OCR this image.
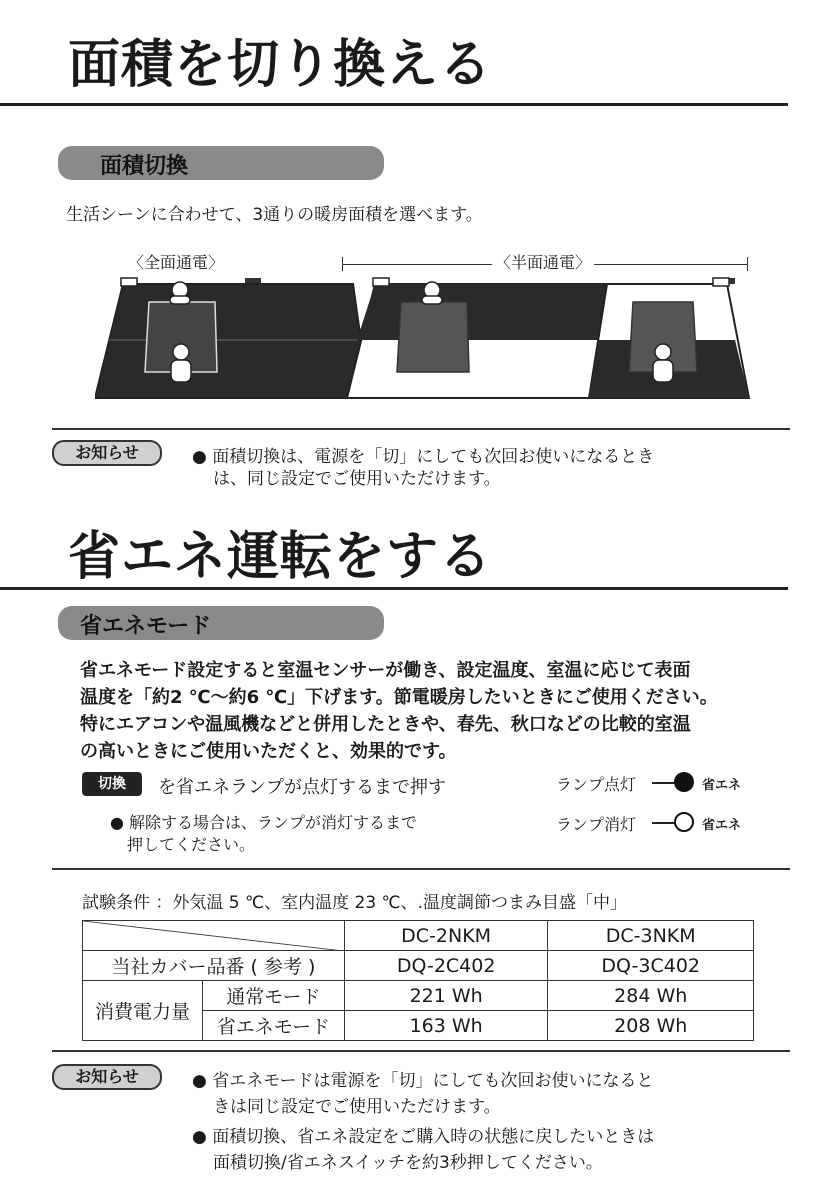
面積を切り換える
面積切換
生活シーンに合わせて、3通りの暖房面積を選べます。
〈全面通電〉	〈半面通電〉
お知らせ	● 面積切換は、電源を「切」にしても次回お使いになるとき
は、同じ設定でご使用いただけます。
省エネ運転をする
省エネモード
省エネモード設定すると室温センサーが働き、設定温度、室温に応じて表面
温度を「約2 ℃〜約6 ℃」下げます。節電暖房したいときにご使用ください。
特にエアコンや温風機などと併用したときや、春先、秋口などの比較的室温
の高いときにご使用いただくと、効果的です。
切換	を省エネランプが点灯するまで押す
● 解除する場合は、ランプが消灯するまで
押してください。
ランプ点灯	省エネ
ランプ消灯	省エネ
試験条件 ：外気温 5 ℃、室内温度 23 ℃、.温度調節つまみ目盛「中」
	DC-2NKM	DC-3NKM
当社カバー品番 ( 参考 )		DQ-2C402	DQ-3C402
消費電力量	通常モード	221 Wh	284 Wh
	省エネモード	163 Wh	208 Wh
お知らせ	● 省エネモードは電源を「切」にしても次回お使いになると
きは同じ設定でご使用いただけます。
● 面積切換、省エネ設定をご購入時の状態に戻したいときは
面積切換/省エネスイッチを約3秒押してください。
